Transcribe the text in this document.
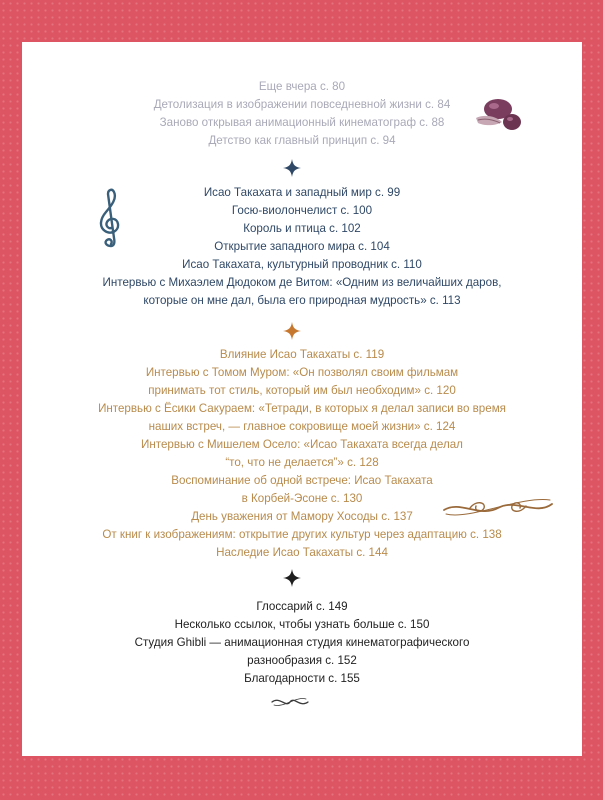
Еще вчера с. 80
Детолизация в изображении повседневной жизни с. 84
Заново открывая анимационный кинематограф с. 88
Детство как главный принцип с. 94
Исао Такахата и западный мир с. 99
Госю-виолончелист с. 100
Король и птица с. 102
Открытие западного мира с. 104
Исао Такахата, культурный проводник с. 110
Интервью с Михаэлем Дюдоком де Витом: «Одним из величайших даров,
которые он мне дал, была его природная мудрость» с. 113
Влияние Исао Такахаты с. 119
Интервью с Томом Муром: «Он позволял своим фильмам
принимать тот стиль, который им был необходим» с. 120
Интервью с Ёсики Сакураем: «Тетради, в которых я делал записи во время
наших встреч, — главное сокровище моей жизни» с. 124
Интервью с Мишелем Осело: «Исао Такахата всегда делал
“то, что не делается”» с. 128
Воспоминание об одной встрече: Исао Такахата
в Корбей-Эсоне с. 130
День уважения от Мамору Хосоды с. 137
От книг к изображениям: открытие других культур через адаптацию с. 138
Наследие Исао Такахаты с. 144
Глоссарий с. 149
Несколько ссылок, чтобы узнать больше с. 150
Студия Ghibli — анимационная студия кинематографического
разнообразия с. 152
Благодарности с. 155
